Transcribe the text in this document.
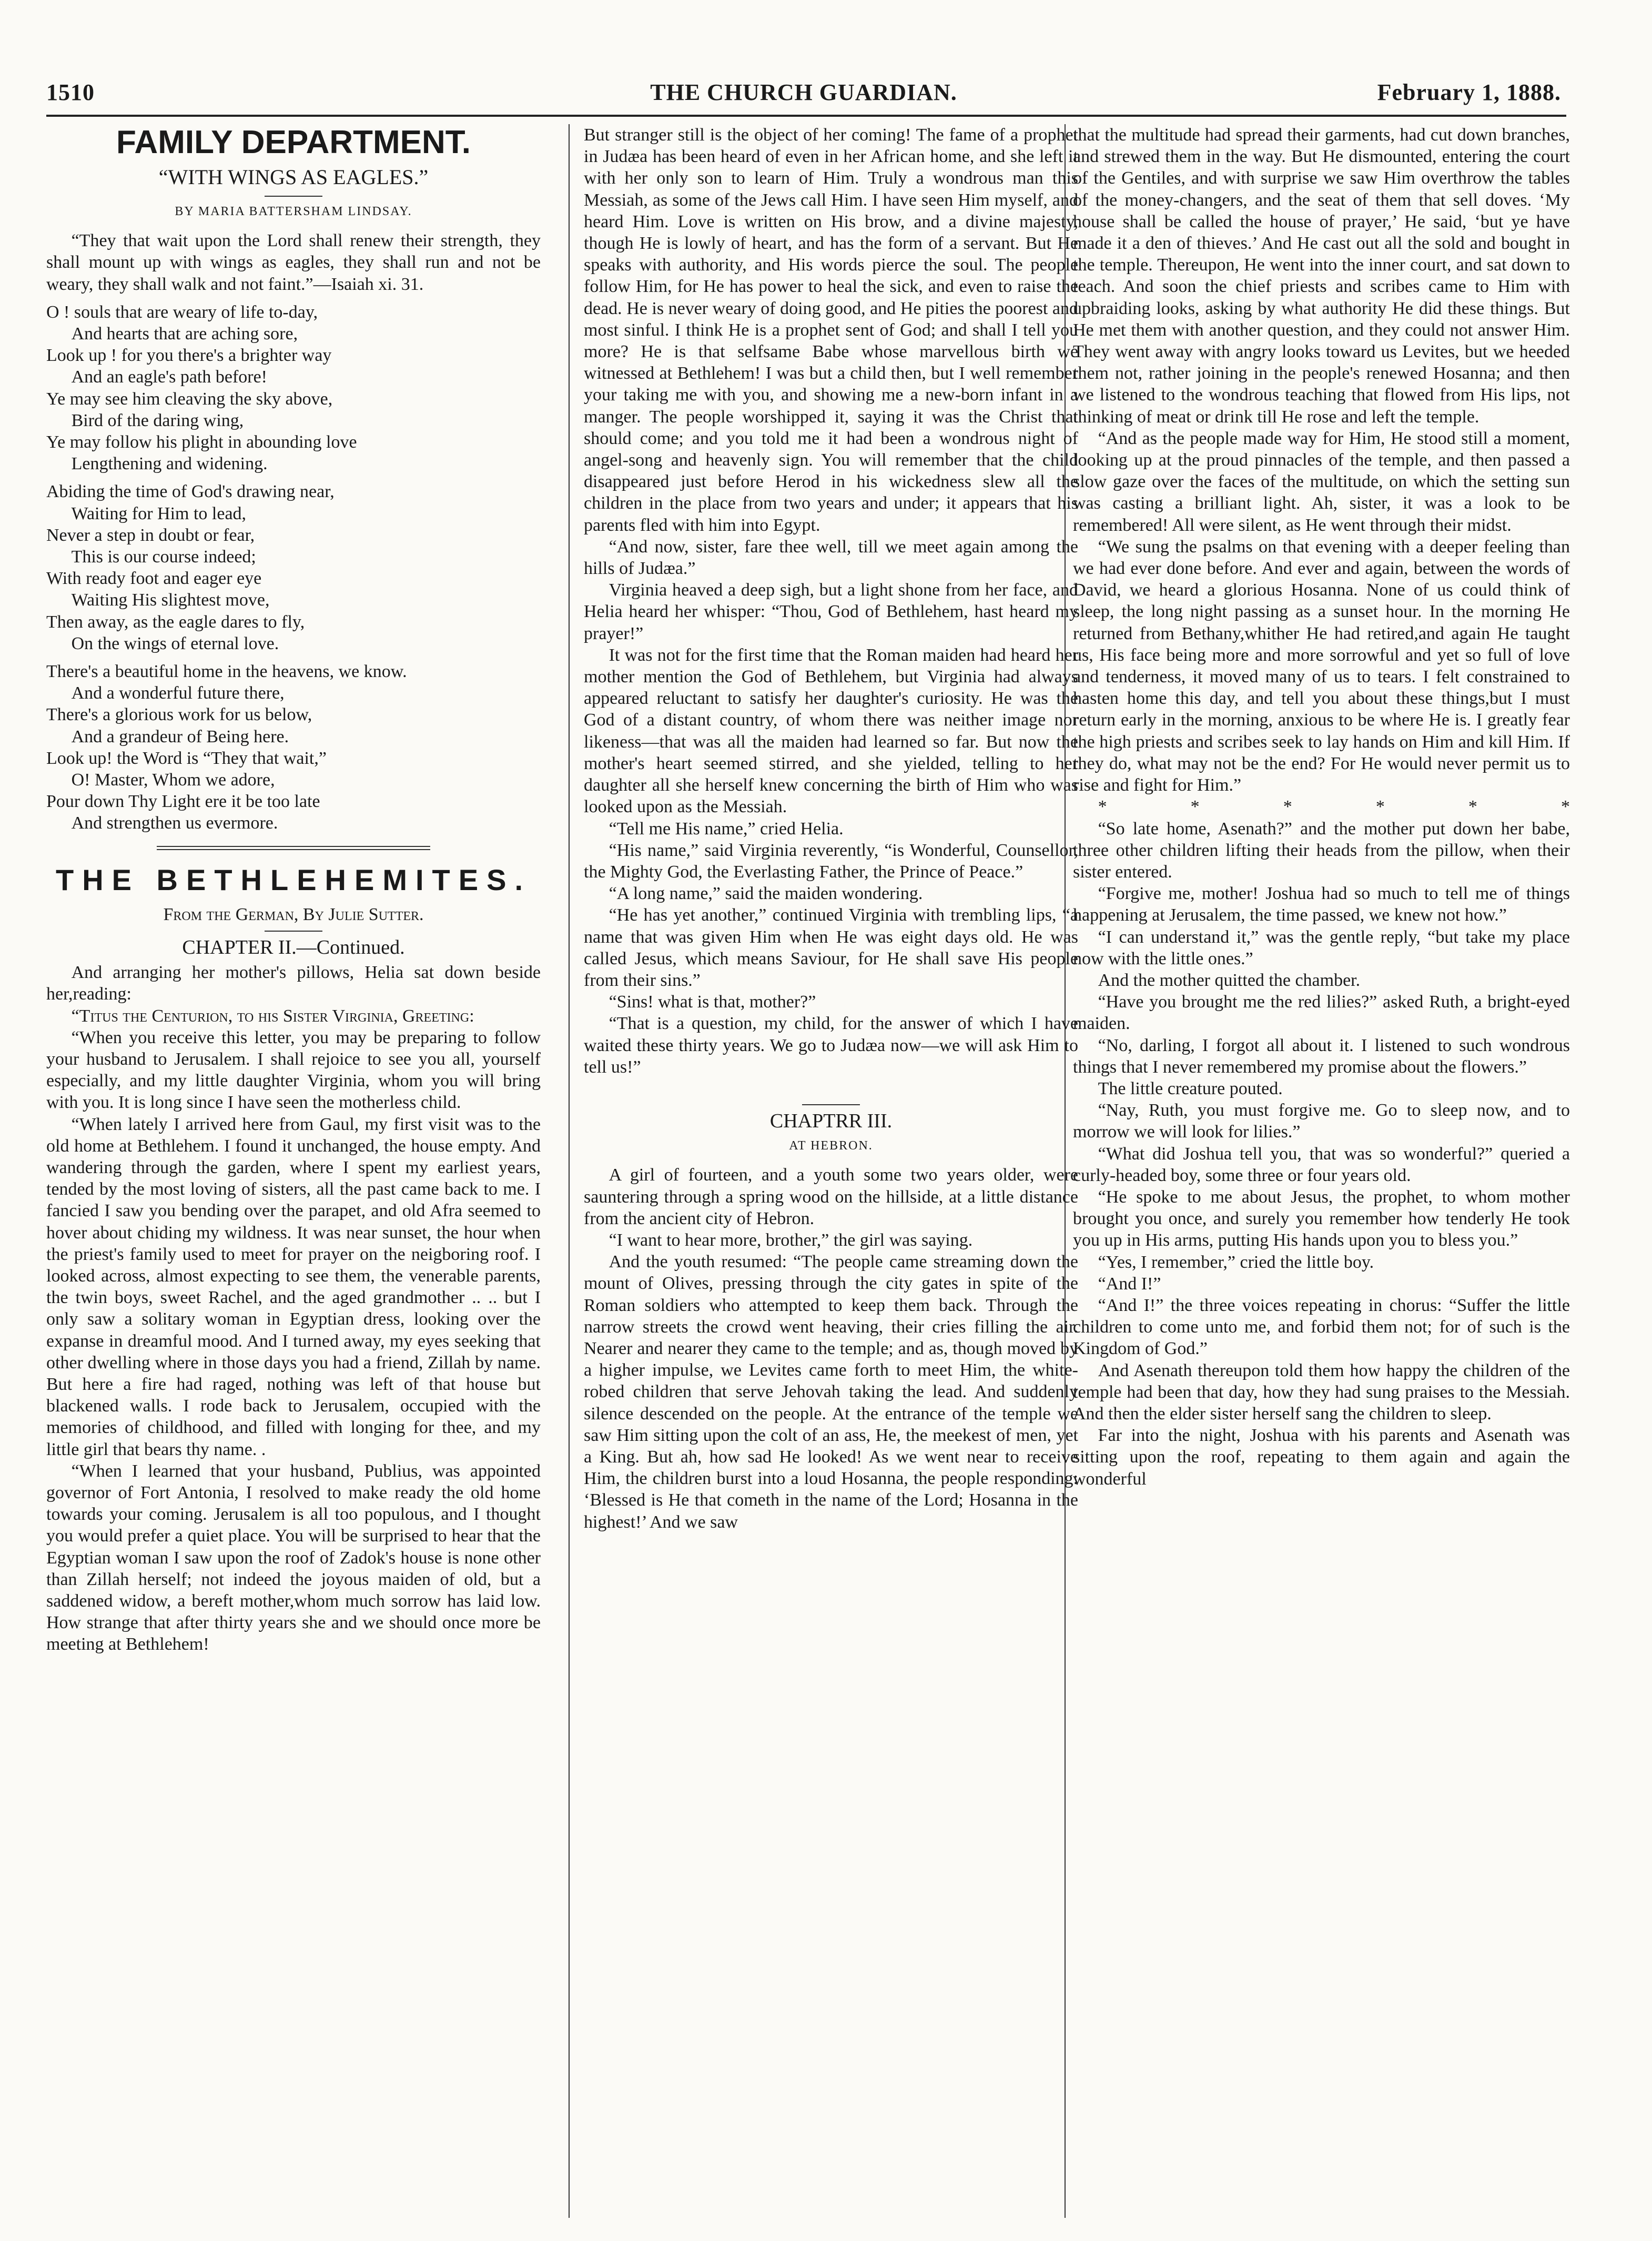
1510	THE CHURCH GUARDIAN.	February 1, 1888.
FAMILY DEPARTMENT.
“WITH WINGS AS EAGLES.”
BY MARIA BATTERSHAM LINDSAY.

“They that wait upon the Lord shall renew their strength, they shall mount up with wings as eagles, they shall run and not be weary, they shall walk and not faint.”—Isaiah xi. 31.

O ! souls that are weary of life to-day,
And hearts that are aching sore,
Look up ! for you there's a brighter way
And an eagle's path before!
Ye may see him cleaving the sky above,
Bird of the daring wing,
Ye may follow his plight in abounding love
Lengthening and widening.
Abiding the time of God's drawing near,
Waiting for Him to lead,
Never a step in doubt or fear,
This is our course indeed;
With ready foot and eager eye
Waiting His slightest move,
Then away, as the eagle dares to fly,
On the wings of eternal love.
There's a beautiful home in the heavens, we know.
And a wonderful future there,
There's a glorious work for us below,
And a grandeur of Being here.
Look up! the Word is “They that wait,”
O! Master, Whom we adore,
Pour down Thy Light ere it be too late
And strengthen us evermore.
THE BETHLEHEMITES.
From the German, By Julie Sutter.
CHAPTER II.—Continued.

And arranging her mother's pillows, Helia sat down beside her,reading:

“Titus the Centurion, to his Sister Virginia, Greeting:

“When you receive this letter, you may be preparing to follow your husband to Jerusalem. I shall rejoice to see you all, yourself especially, and my little daughter Virginia, whom you will bring with you. It is long since I have seen the motherless child.

“When lately I arrived here from Gaul, my first visit was to the old home at Bethlehem. I found it unchanged, the house empty. And wandering through the garden, where I spent my earliest years, tended by the most loving of sisters, all the past came back to me. I fancied I saw you bending over the parapet, and old Afra seemed to hover about chiding my wildness. It was near sunset, the hour when the priest's family used to meet for prayer on the neigboring roof. I looked across, almost expecting to see them, the venerable parents, the twin boys, sweet Rachel, and the aged grandmother .. .. but I only saw a solitary woman in Egyptian dress, looking over the expanse in dreamful mood. And I turned away, my eyes seeking that other dwelling where in those days you had a friend, Zillah by name. But here a fire had raged, nothing was left of that house but blackened walls. I rode back to Jerusalem, occupied with the memories of childhood, and filled with longing for thee, and my little girl that bears thy name. .

“When I learned that your husband, Publius, was appointed governor of Fort Antonia, I resolved to make ready the old home towards your coming. Jerusalem is all too populous, and I thought you would prefer a quiet place. You will be surprised to hear that the Egyptian woman I saw upon the roof of Zadok's house is none other than Zillah herself; not indeed the joyous maiden of old, but a saddened widow, a bereft mother,whom much sorrow has laid low. How strange that after thirty years she and we should once more be meeting at Bethlehem!

But stranger still is the object of her coming! The fame of a prophet in Judæa has been heard of even in her African home, and she left it with her only son to learn of Him. Truly a wondrous man this Messiah, as some of the Jews call Him. I have seen Him myself, and heard Him. Love is written on His brow, and a divine majesty, though He is lowly of heart, and has the form of a servant. But He speaks with authority, and His words pierce the soul. The people follow Him, for He has power to heal the sick, and even to raise the dead. He is never weary of doing good, and He pities the poorest and most sinful. I think He is a prophet sent of God; and shall I tell you more? He is that selfsame Babe whose marvellous birth we witnessed at Bethlehem! I was but a child then, but I well remember your taking me with you, and showing me a new-born infant in a manger. The people worshipped it, saying it was the Christ that should come; and you told me it had been a wondrous night of angel-song and heavenly sign. You will remember that the child disappeared just before Herod in his wickedness slew all the children in the place from two years and under; it appears that his parents fled with him into Egypt.

“And now, sister, fare thee well, till we meet again among the hills of Judæa.”

Virginia heaved a deep sigh, but a light shone from her face, and Helia heard her whisper: “Thou, God of Bethlehem, hast heard my prayer!”

It was not for the first time that the Roman maiden had heard her mother mention the God of Bethlehem, but Virginia had always appeared reluctant to satisfy her daughter's curiosity. He was the God of a distant country, of whom there was neither image nor likeness—that was all the maiden had learned so far. But now the mother's heart seemed stirred, and she yielded, telling to her daughter all she herself knew concerning the birth of Him who was looked upon as the Messiah.

“Tell me His name,” cried Helia.

“His name,” said Virginia reverently, “is Wonderful, Counsellor, the Mighty God, the Everlasting Father, the Prince of Peace.”

“A long name,” said the maiden wondering.

“He has yet another,” continued Virginia with trembling lips, “a name that was given Him when He was eight days old. He was called Jesus, which means Saviour, for He shall save His people from their sins.”

“Sins! what is that, mother?”

“That is a question, my child, for the answer of which I have waited these thirty years. We go to Judæa now—we will ask Him to tell us!”

CHAPTRR III.
AT HEBRON.

A girl of fourteen, and a youth some two years older, were sauntering through a spring wood on the hillside, at a little distance from the ancient city of Hebron.

“I want to hear more, brother,” the girl was saying.

And the youth resumed: “The people came streaming down the mount of Olives, pressing through the city gates in spite of the Roman soldiers who attempted to keep them back. Through the narrow streets the crowd went heaving, their cries filling the air. Nearer and nearer they came to the temple; and as, though moved by a higher impulse, we Levites came forth to meet Him, the white-robed children that serve Jehovah taking the lead. And suddenly silence descended on the people. At the entrance of the temple we saw Him sitting upon the colt of an ass, He, the meekest of men, yet a King. But ah, how sad He looked! As we went near to receive Him, the children burst into a loud Hosanna, the people responding: ‘Blessed is He that cometh in the name of the Lord; Hosanna in the highest!’ And we saw

that the multitude had spread their garments, had cut down branches, and strewed them in the way. But He dismounted, entering the court of the Gentiles, and with surprise we saw Him overthrow the tables of the money-changers, and the seat of them that sell doves. ‘My house shall be called the house of prayer,’ He said, ‘but ye have made it a den of thieves.’ And He cast out all the sold and bought in the temple. Thereupon, He went into the inner court, and sat down to teach. And soon the chief priests and scribes came to Him with upbraiding looks, asking by what authority He did these things. But He met them with another question, and they could not answer Him. They went away with angry looks toward us Levites, but we heeded them not, rather joining in the people's renewed Hosanna; and then we listened to the wondrous teaching that flowed from His lips, not thinking of meat or drink till He rose and left the temple.

“And as the people made way for Him, He stood still a moment, looking up at the proud pinnacles of the temple, and then passed a slow gaze over the faces of the multitude, on which the setting sun was casting a brilliant light. Ah, sister, it was a look to be remembered! All were silent, as He went through their midst.

“We sung the psalms on that evening with a deeper feeling than we had ever done before. And ever and again, between the words of David, we heard a glorious Hosanna. None of us could think of sleep, the long night passing as a sunset hour. In the morning He returned from Bethany,whither He had retired,and again He taught us, His face being more and more sorrowful and yet so full of love and tenderness, it moved many of us to tears. I felt constrained to hasten home this day, and tell you about these things,but I must return early in the morning, anxious to be where He is. I greatly fear the high priests and scribes seek to lay hands on Him and kill Him. If they do, what may not be the end? For He would never permit us to rise and fight for Him.”

* * * * * *

“So late home, Asenath?” and the mother put down her babe, three other children lifting their heads from the pillow, when their sister entered.

“Forgive me, mother! Joshua had so much to tell me of things happening at Jerusalem, the time passed, we knew not how.”

“I can understand it,” was the gentle reply, “but take my place now with the little ones.”

And the mother quitted the chamber.

“Have you brought me the red lilies?” asked Ruth, a bright-eyed maiden.

“No, darling, I forgot all about it. I listened to such wondrous things that I never remembered my promise about the flowers.”

The little creature pouted.

“Nay, Ruth, you must forgive me. Go to sleep now, and to morrow we will look for lilies.”

“What did Joshua tell you, that was so wonderful?” queried a curly-headed boy, some three or four years old.

“He spoke to me about Jesus, the prophet, to whom mother brought you once, and surely you remember how tenderly He took you up in His arms, putting His hands upon you to bless you.”

“Yes, I remember,” cried the little boy.

“And I!”

“And I!” the three voices repeating in chorus: “Suffer the little children to come unto me, and forbid them not; for of such is the Kingdom of God.”

And Asenath thereupon told them how happy the children of the temple had been that day, how they had sung praises to the Messiah. And then the elder sister herself sang the children to sleep.

Far into the night, Joshua with his parents and Asenath was sitting upon the roof, repeating to them again and again the wonderful
